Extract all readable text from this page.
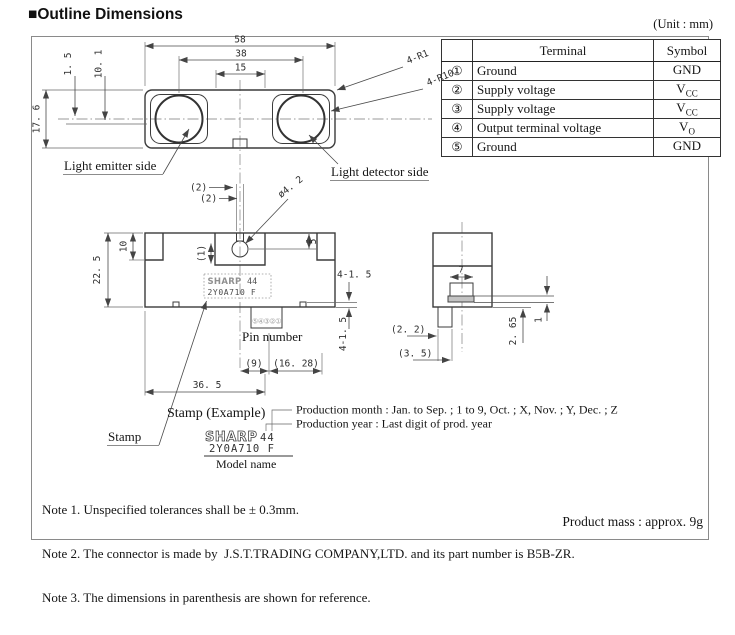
■Outline Dimensions
(Unit : mm)
	Terminal	Symbol
①	Ground	GND
②	Supply voltage	$V_{CC}$
③	Supply voltage	$V_{CC}$
④	Output terminal voltage	$V_O$
⑤	Ground	GND
58
38
15
17. 6
1. 5 10. 1	4-R1
4-R10
Light emitter side	Light detector side
⑤④③②①
Pin number
SHARP 44
2Y0A710 F
22. 5
10
(2)
(2)	ø4. 2
(1)
5
4-1. 5
4-1. 5
(9) (16. 28)
36. 5
Stamp
7
(2. 2)
(3. 5)
2. 65 1
Stamp (Example)
SHARP 44
2Y0A710 F
Model name
Production month : Jan. to Sep. ; 1 to 9, Oct. ; X, Nov. ; Y, Dec. ; Z
Production year : Last digit of prod. year

Note 1. Unspecified tolerances shall be ± 0.3mm.

Note 2. The connector is made by  J.S.T.TRADING COMPANY,LTD. and its part number is B5B-ZR.

Note 3. The dimensions in parenthesis are shown for reference.

Product mass : approx. 9g
